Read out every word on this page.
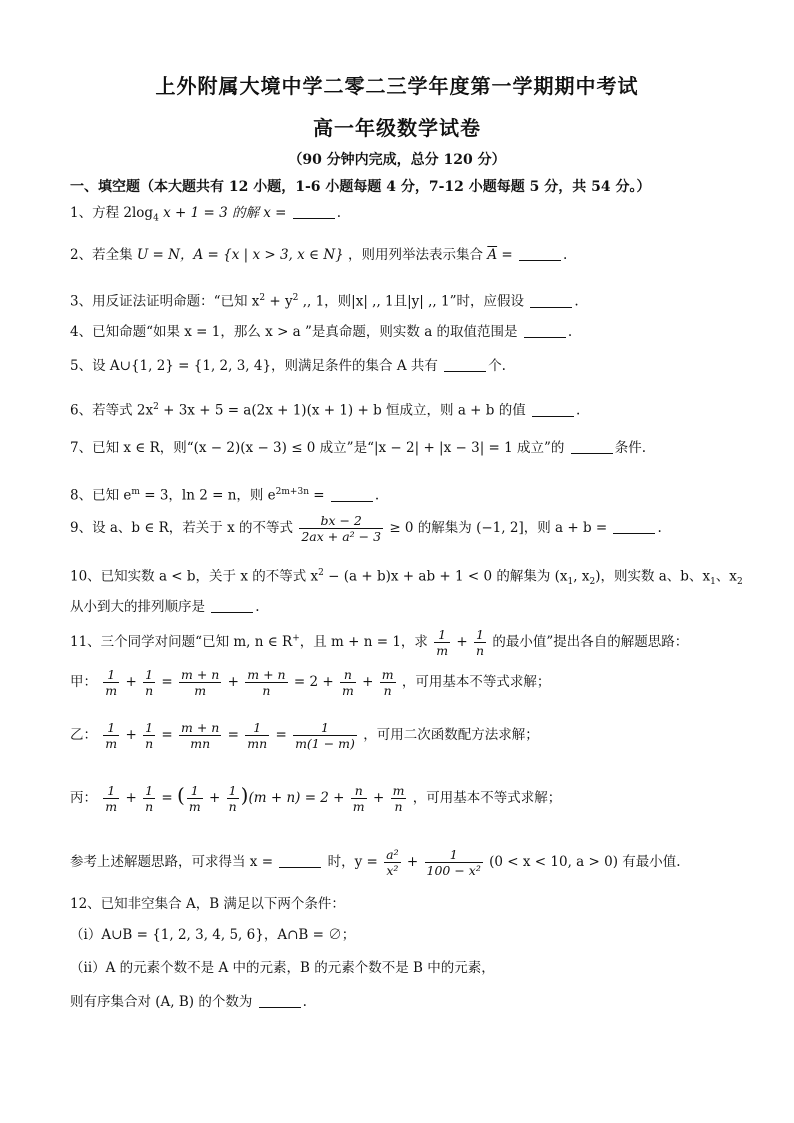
上外附属大境中学二零二三学年度第一学期期中考试
高一年级数学试卷
（90 分钟内完成，总分 120 分）
一、填空题（本大题共有 12 小题，1-6 小题每题 4 分，7-12 小题每题 5 分，共 54 分。）
1、方程 $2\log_4$ x + 1 = 3 的解 x =	.
2、若全集 U = N，A = {x | x > 3, x ∈ N} ，则用列举法表示集合 $\overline{A}$ =	.
3、用反证法证明命题：“已知 $x^2 + y^2$ ,, 1，则|x| ,, 1且|y| ,, 1”时，应假设	.
4、已知命题“如果 x = 1，那么 x > a ”是真命题，则实数 a 的取值范围是	.
5、设 A∪{1, 2} = {1, 2, 3, 4}，则满足条件的集合 A 共有	个.
6、若等式 $2x^2 + 3x + 5 = a(2x + 1)(x + 1) + b$ 恒成立，则 a + b 的值	.
7、已知 x ∈ R，则“(x − 2)(x − 3) ≤ 0 成立”是“|x − 2| + |x − 3| = 1 成立”的	条件.
8、已知 $e^m = 3$，ln 2 = n，则 $e^{2m+3n}$ =	.
9、设 a、b ∈ R，若关于 x 的不等式 $\frac{bx - 2}{\text{2ax + a² − 3}} \ge 0$ 的解集为 (−1, 2]，则 a + b =	.
10、已知实数 a < b，关于 x 的不等式 $x^2 - (a + b)x$ + ab + 1 < 0 的解集为 ($x_1$, $x_2$)，则实数 a、b、$x_1$、$x_2$
从小到大的排列顺序是	.
11、三个同学对问题“已知 m, n ∈ R+，且 m + n = 1，求 $\frac{1}{m} + \frac{1}{n}$ 的最小值”提出各自的解题思路：
甲： $\frac{1}{m} + \frac{1}{n} = \frac{m + n}{m} + \frac{m + n}{n} = 2 + \frac{n}{m} + \frac{m}{n}$ ，可用基本不等式求解；
乙： $\frac{1}{m} + \frac{1}{n} = \frac{m + n}{mn} = \frac{1}{mn} = \frac{1}{m(1 - m)}$ ，可用二次函数配方法求解；
丙： $\frac{1}{m} + \frac{1}{n}$ = ( $\frac{1}{m} + \frac{1}{n} )(m + n) = 2 + \frac{n}{m} + \frac{m}{n}$ ，可用基本不等式求解；
参考上述解题思路，可求得当 x =	时，$y = \frac{\text{a²}}{\text{x²}} + \frac{1}{\text{100 − x²}} (0 < x < 10$, a > 0) 有最小值.
12、已知非空集合 A，B 满足以下两个条件：
（i）A∪B = {1, 2, 3, 4, 5, 6}，A∩B = ∅；
（ii）A 的元素个数不是 A 中的元素，B 的元素个数不是 B 中的元素，
则有序集合对 (A, B) 的个数为	.
